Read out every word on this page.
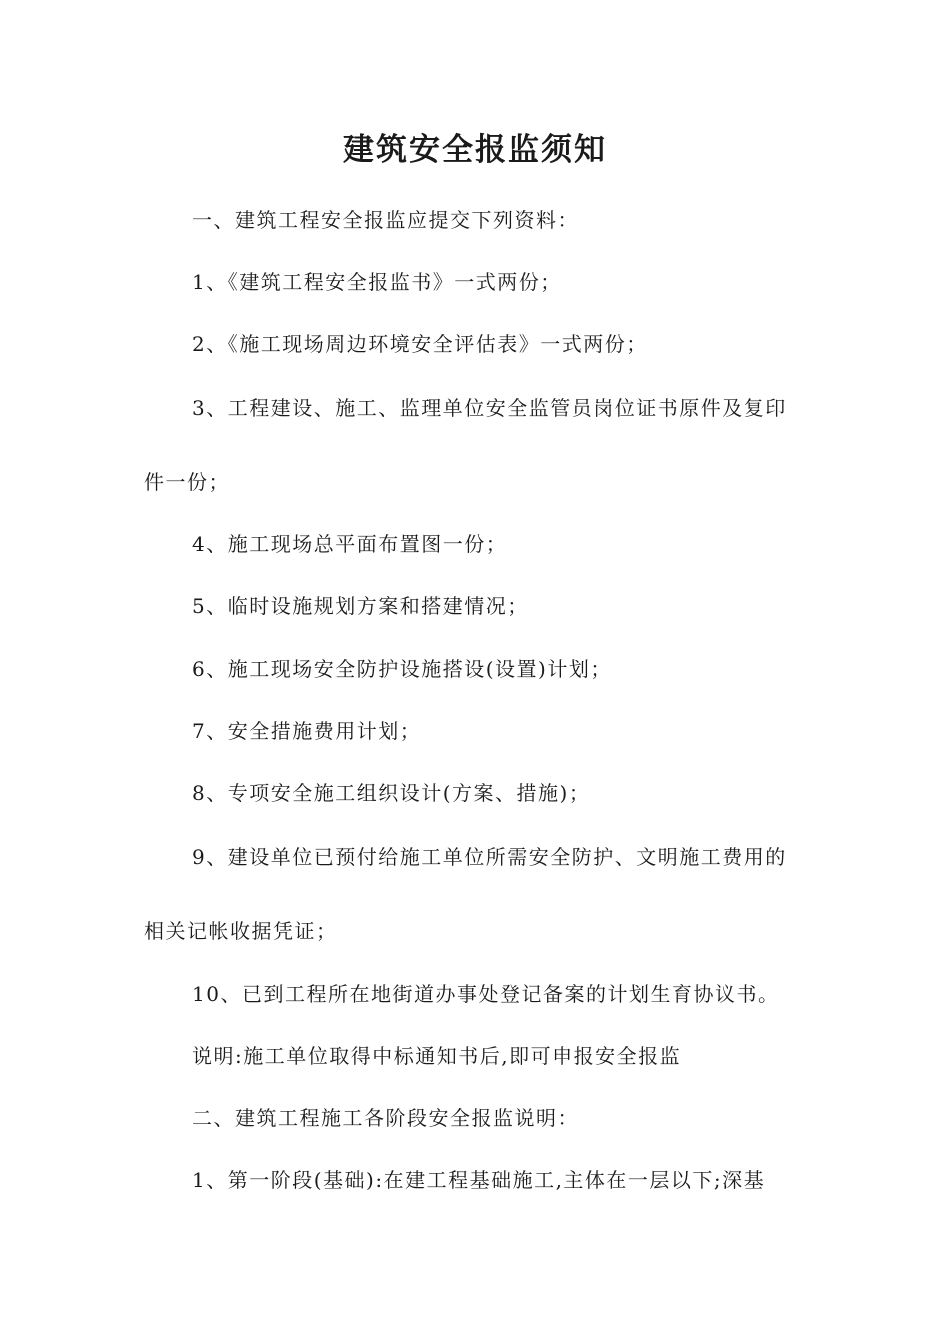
建筑安全报监须知
一、建筑工程安全报监应提交下列资料：
1、《建筑工程安全报监书》一式两份；
2、《施工现场周边环境安全评估表》一式两份；
3、工程建设、施工、监理单位安全监管员岗位证书原件及复印
件一份；
4、施工现场总平面布置图一份；
5、临时设施规划方案和搭建情况；
6、施工现场安全防护设施搭设(设置)计划；
7、安全措施费用计划；
8、专项安全施工组织设计(方案、措施)；
9、建设单位已预付给施工单位所需安全防护、文明施工费用的
相关记帐收据凭证；
10、已到工程所在地街道办事处登记备案的计划生育协议书。
说明:施工单位取得中标通知书后,即可申报安全报监
二、建筑工程施工各阶段安全报监说明：
1、第一阶段(基础):在建工程基础施工,主体在一层以下;深基
